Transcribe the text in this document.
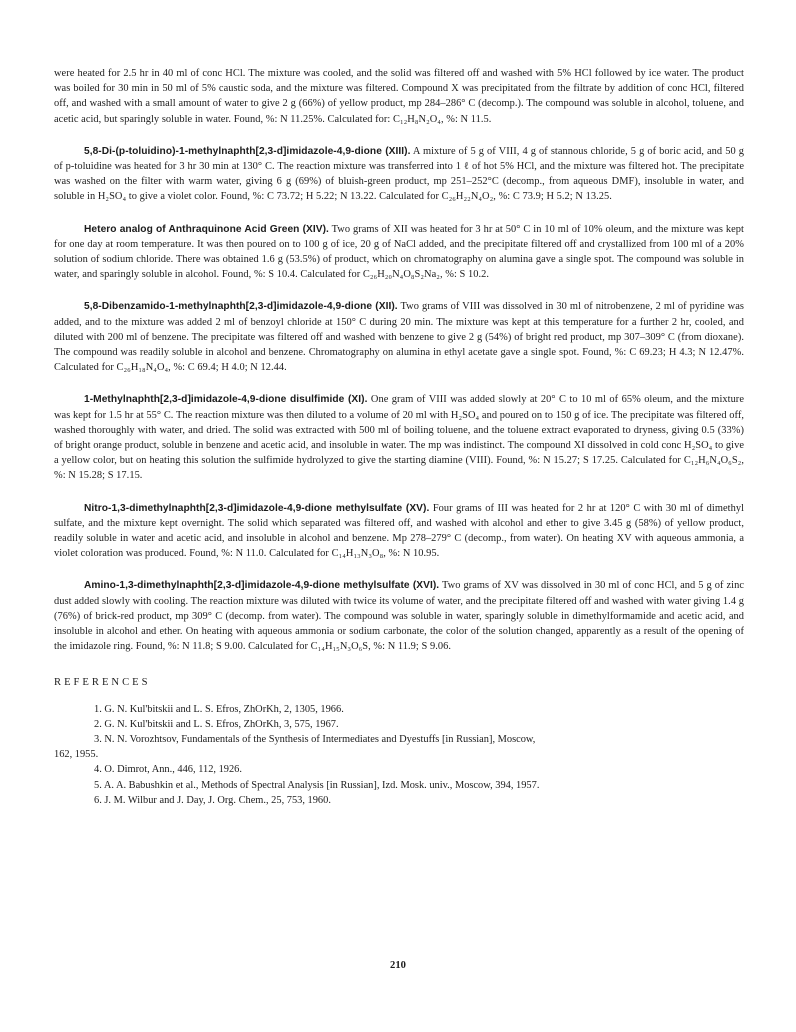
were heated for 2.5 hr in 40 ml of conc HCl. The mixture was cooled, and the solid was filtered off and washed with 5% HCl followed by ice water. The product was boiled for 30 min in 50 ml of 5% caustic soda, and the mixture was filtered. Compound X was precipitated from the filtrate by addition of conc HCl, filtered off, and washed with a small amount of water to give 2 g (66%) of yellow product, mp 284–286° C (decomp.). The compound was soluble in alcohol, toluene, and acetic acid, but sparingly soluble in water. Found, %: N 11.25%. Calculated for: C₁₂H₈N₂O₄, %: N 11.5.

5,8-Di-(p-toluidino)-1-methylnaphth[2,3-d]imidazole-4,9-dione (XIII). A mixture of 5 g of VIII, 4 g of stannous chloride, 5 g of boric acid, and 50 g of p-toluidine was heated for 3 hr 30 min at 130° C. The reaction mixture was transferred into 1 ℓ of hot 5% HCl, and the mixture was filtered hot. The precipitate was washed on the filter with warm water, giving 6 g (69%) of bluish-green product, mp 251–252°C (decomp., from aqueous DMF), insoluble in water, and soluble in H₂SO₄ to give a violet color. Found, %: C 73.72; H 5.22; N 13.22. Calculated for C₂₆H₂₂N₄O₂, %: C 73.9; H 5.2; N 13.25.

Hetero analog of Anthraquinone Acid Green (XIV). Two grams of XII was heated for 3 hr at 50° C in 10 ml of 10% oleum, and the mixture was kept for one day at room temperature. It was then poured on to 100 g of ice, 20 g of NaCl added, and the precipitate filtered off and crystallized from 100 ml of a 20% solution of sodium chloride. There was obtained 1.6 g (53.5%) of product, which on chromatography on alumina gave a single spot. The compound was soluble in water, and sparingly soluble in alcohol. Found, %: S 10.4. Calculated for C₂₆H₂₀N₄O₈S₂Na₂, %: S 10.2.

5,8-Dibenzamido-1-methylnaphth[2,3-d]imidazole-4,9-dione (XII). Two grams of VIII was dissolved in 30 ml of nitrobenzene, 2 ml of pyridine was added, and to the mixture was added 2 ml of benzoyl chloride at 150° C during 20 min. The mixture was kept at this temperature for a further 2 hr, cooled, and diluted with 200 ml of benzene. The precipitate was filtered off and washed with benzene to give 2 g (54%) of bright red product, mp 307–309° C (from dioxane). The compound was readily soluble in alcohol and benzene. Chromatography on alumina in ethyl acetate gave a single spot. Found, %: C 69.23; H 4.3; N 12.47%. Calculated for C₂₆H₁₈N₄O₄, %: C 69.4; H 4.0; N 12.44.

1-Methylnaphth[2,3-d]imidazole-4,9-dione disulfimide (XI). One gram of VIII was added slowly at 20° C to 10 ml of 65% oleum, and the mixture was kept for 1.5 hr at 55° C. The reaction mixture was then diluted to a volume of 20 ml with H₂SO₄ and poured on to 150 g of ice. The precipitate was filtered off, washed thoroughly with water, and dried. The solid was extracted with 500 ml of boiling toluene, and the toluene extract evaporated to dryness, giving 0.5 (33%) of bright orange product, soluble in benzene and acetic acid, and insoluble in water. The mp was indistinct. The compound XI dissolved in cold conc H₂SO₄ to give a yellow color, but on heating this solution the sulfimide hydrolyzed to give the starting diamine (VIII). Found, %: N 15.27; S 17.25. Calculated for C₁₂H₆N₄O₆S₂, %: N 15.28; S 17.15.

Nitro-1,3-dimethylnaphth[2,3-d]imidazole-4,9-dione methylsulfate (XV). Four grams of III was heated for 2 hr at 120° C with 30 ml of dimethyl sulfate, and the mixture kept overnight. The solid which separated was filtered off, and washed with alcohol and ether to give 3.45 g (58%) of yellow product, readily soluble in water and acetic acid, and insoluble in alcohol and benzene. Mp 278–279° C (decomp., from water). On heating XV with aqueous ammonia, a violet coloration was produced. Found, %: N 11.0. Calculated for C₁₄H₁₃N₃O₈, %: N 10.95.

Amino-1,3-dimethylnaphth[2,3-d]imidazole-4,9-dione methylsulfate (XVI). Two grams of XV was dissolved in 30 ml of conc HCl, and 5 g of zinc dust added slowly with cooling. The reaction mixture was diluted with twice its volume of water, and the precipitate filtered off and washed with water giving 1.4 g (76%) of brick-red product, mp 309° C (decomp. from water). The compound was soluble in water, sparingly soluble in dimethylformamide and acetic acid, and insoluble in alcohol and ether. On heating with aqueous ammonia or sodium carbonate, the color of the solution changed, apparently as a result of the opening of the imidazole ring. Found, %: N 11.8; S 9.00. Calculated for C₁₄H₁₅N₃O₆S, %: N 11.9; S 9.06.

REFERENCES

1. G. N. Kul'bitskii and L. S. Efros, ZhOrKh, 2, 1305, 1966.

2. G. N. Kul'bitskii and L. S. Efros, ZhOrKh, 3, 575, 1967.

3. N. N. Vorozhtsov, Fundamentals of the Synthesis of Intermediates and Dyestuffs [in Russian], Moscow,
162, 1955.

4. O. Dimrot, Ann., 446, 112, 1926.

5. A. A. Babushkin et al., Methods of Spectral Analysis [in Russian], Izd. Mosk. univ., Moscow, 394, 1957.

6. J. M. Wilbur and J. Day, J. Org. Chem., 25, 753, 1960.

210
